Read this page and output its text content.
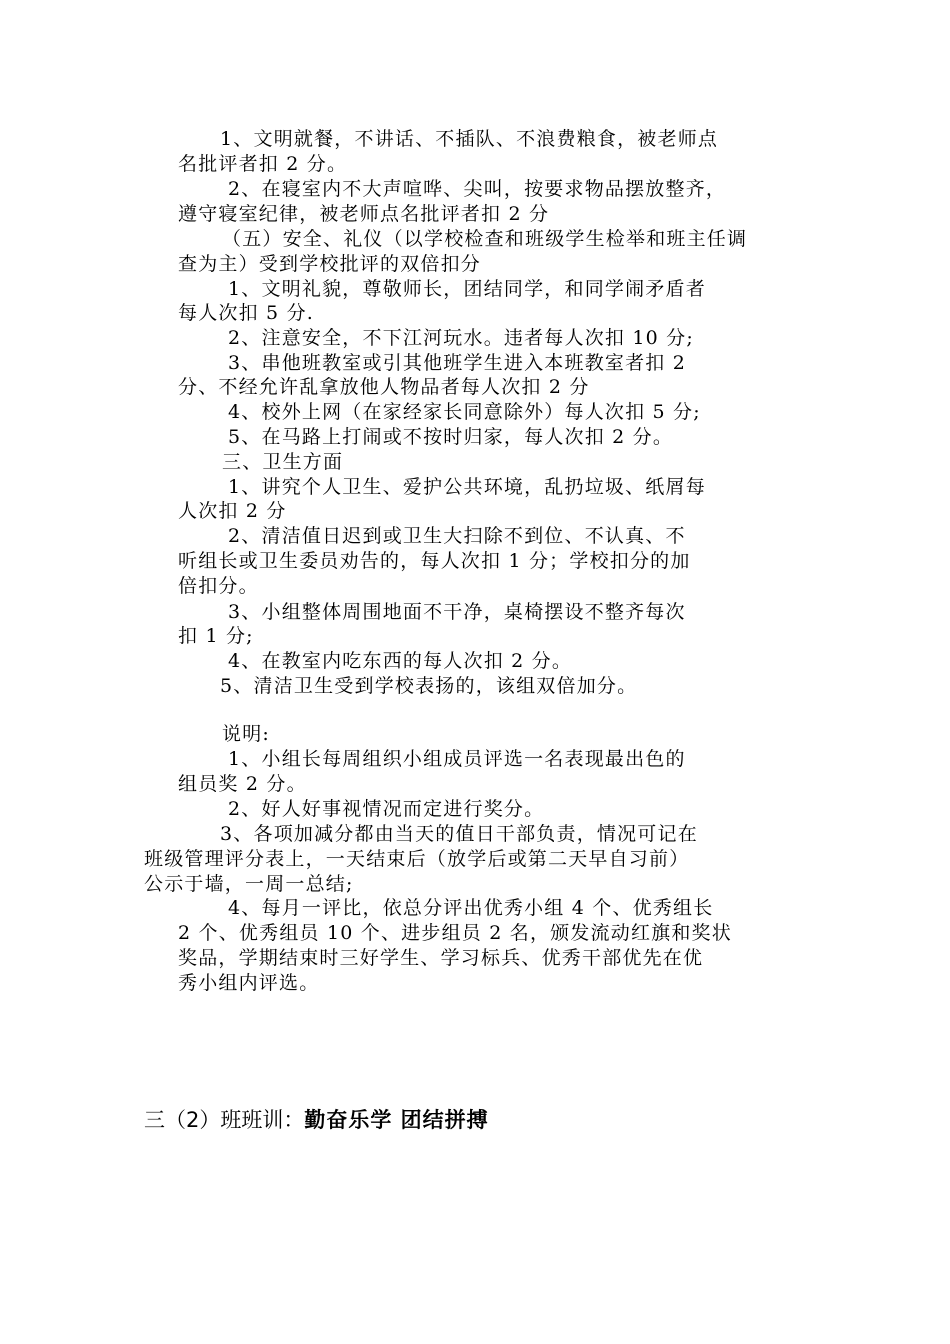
1、文明就餐，不讲话、不插队、不浪费粮食，被老师点
名批评者扣 2 分。
2、在寝室内不大声喧哗、尖叫，按要求物品摆放整齐，
遵守寝室纪律，被老师点名批评者扣 2 分
（五）安全、礼仪（以学校检查和班级学生检举和班主任调
查为主）受到学校批评的双倍扣分
1、文明礼貌，尊敬师长，团结同学，和同学闹矛盾者
每人次扣 5 分.
2、注意安全，不下江河玩水。违者每人次扣 10 分;
3、串他班教室或引其他班学生进入本班教室者扣 2
分、不经允许乱拿放他人物品者每人次扣 2 分
4、校外上网（在家经家长同意除外）每人次扣 5 分;
5、在马路上打闹或不按时归家，每人次扣 2 分。
三、卫生方面
1、讲究个人卫生、爱护公共环境，乱扔垃圾、纸屑每
人次扣 2 分
2、清洁值日迟到或卫生大扫除不到位、不认真、不
听组长或卫生委员劝告的，每人次扣 1 分；学校扣分的加
倍扣分。
3、小组整体周围地面不干净，桌椅摆设不整齐每次
扣 1 分;
4、在教室内吃东西的每人次扣 2 分。
5、清洁卫生受到学校表扬的，该组双倍加分。
说明:
1、小组长每周组织小组成员评选一名表现最出色的
组员奖 2 分。
2、好人好事视情况而定进行奖分。
3、各项加减分都由当天的值日干部负责，情况可记在
班级管理评分表上，一天结束后（放学后或第二天早自习前）
公示于墙，一周一总结;
4、每月一评比，依总分评出优秀小组 4 个、优秀组长
2 个、优秀组员 10 个、进步组员 2 名，颁发流动红旗和奖状
奖品，学期结束时三好学生、学习标兵、优秀干部优先在优
秀小组内评选。
三（2）班班训：勤奋乐学 团结拼搏
